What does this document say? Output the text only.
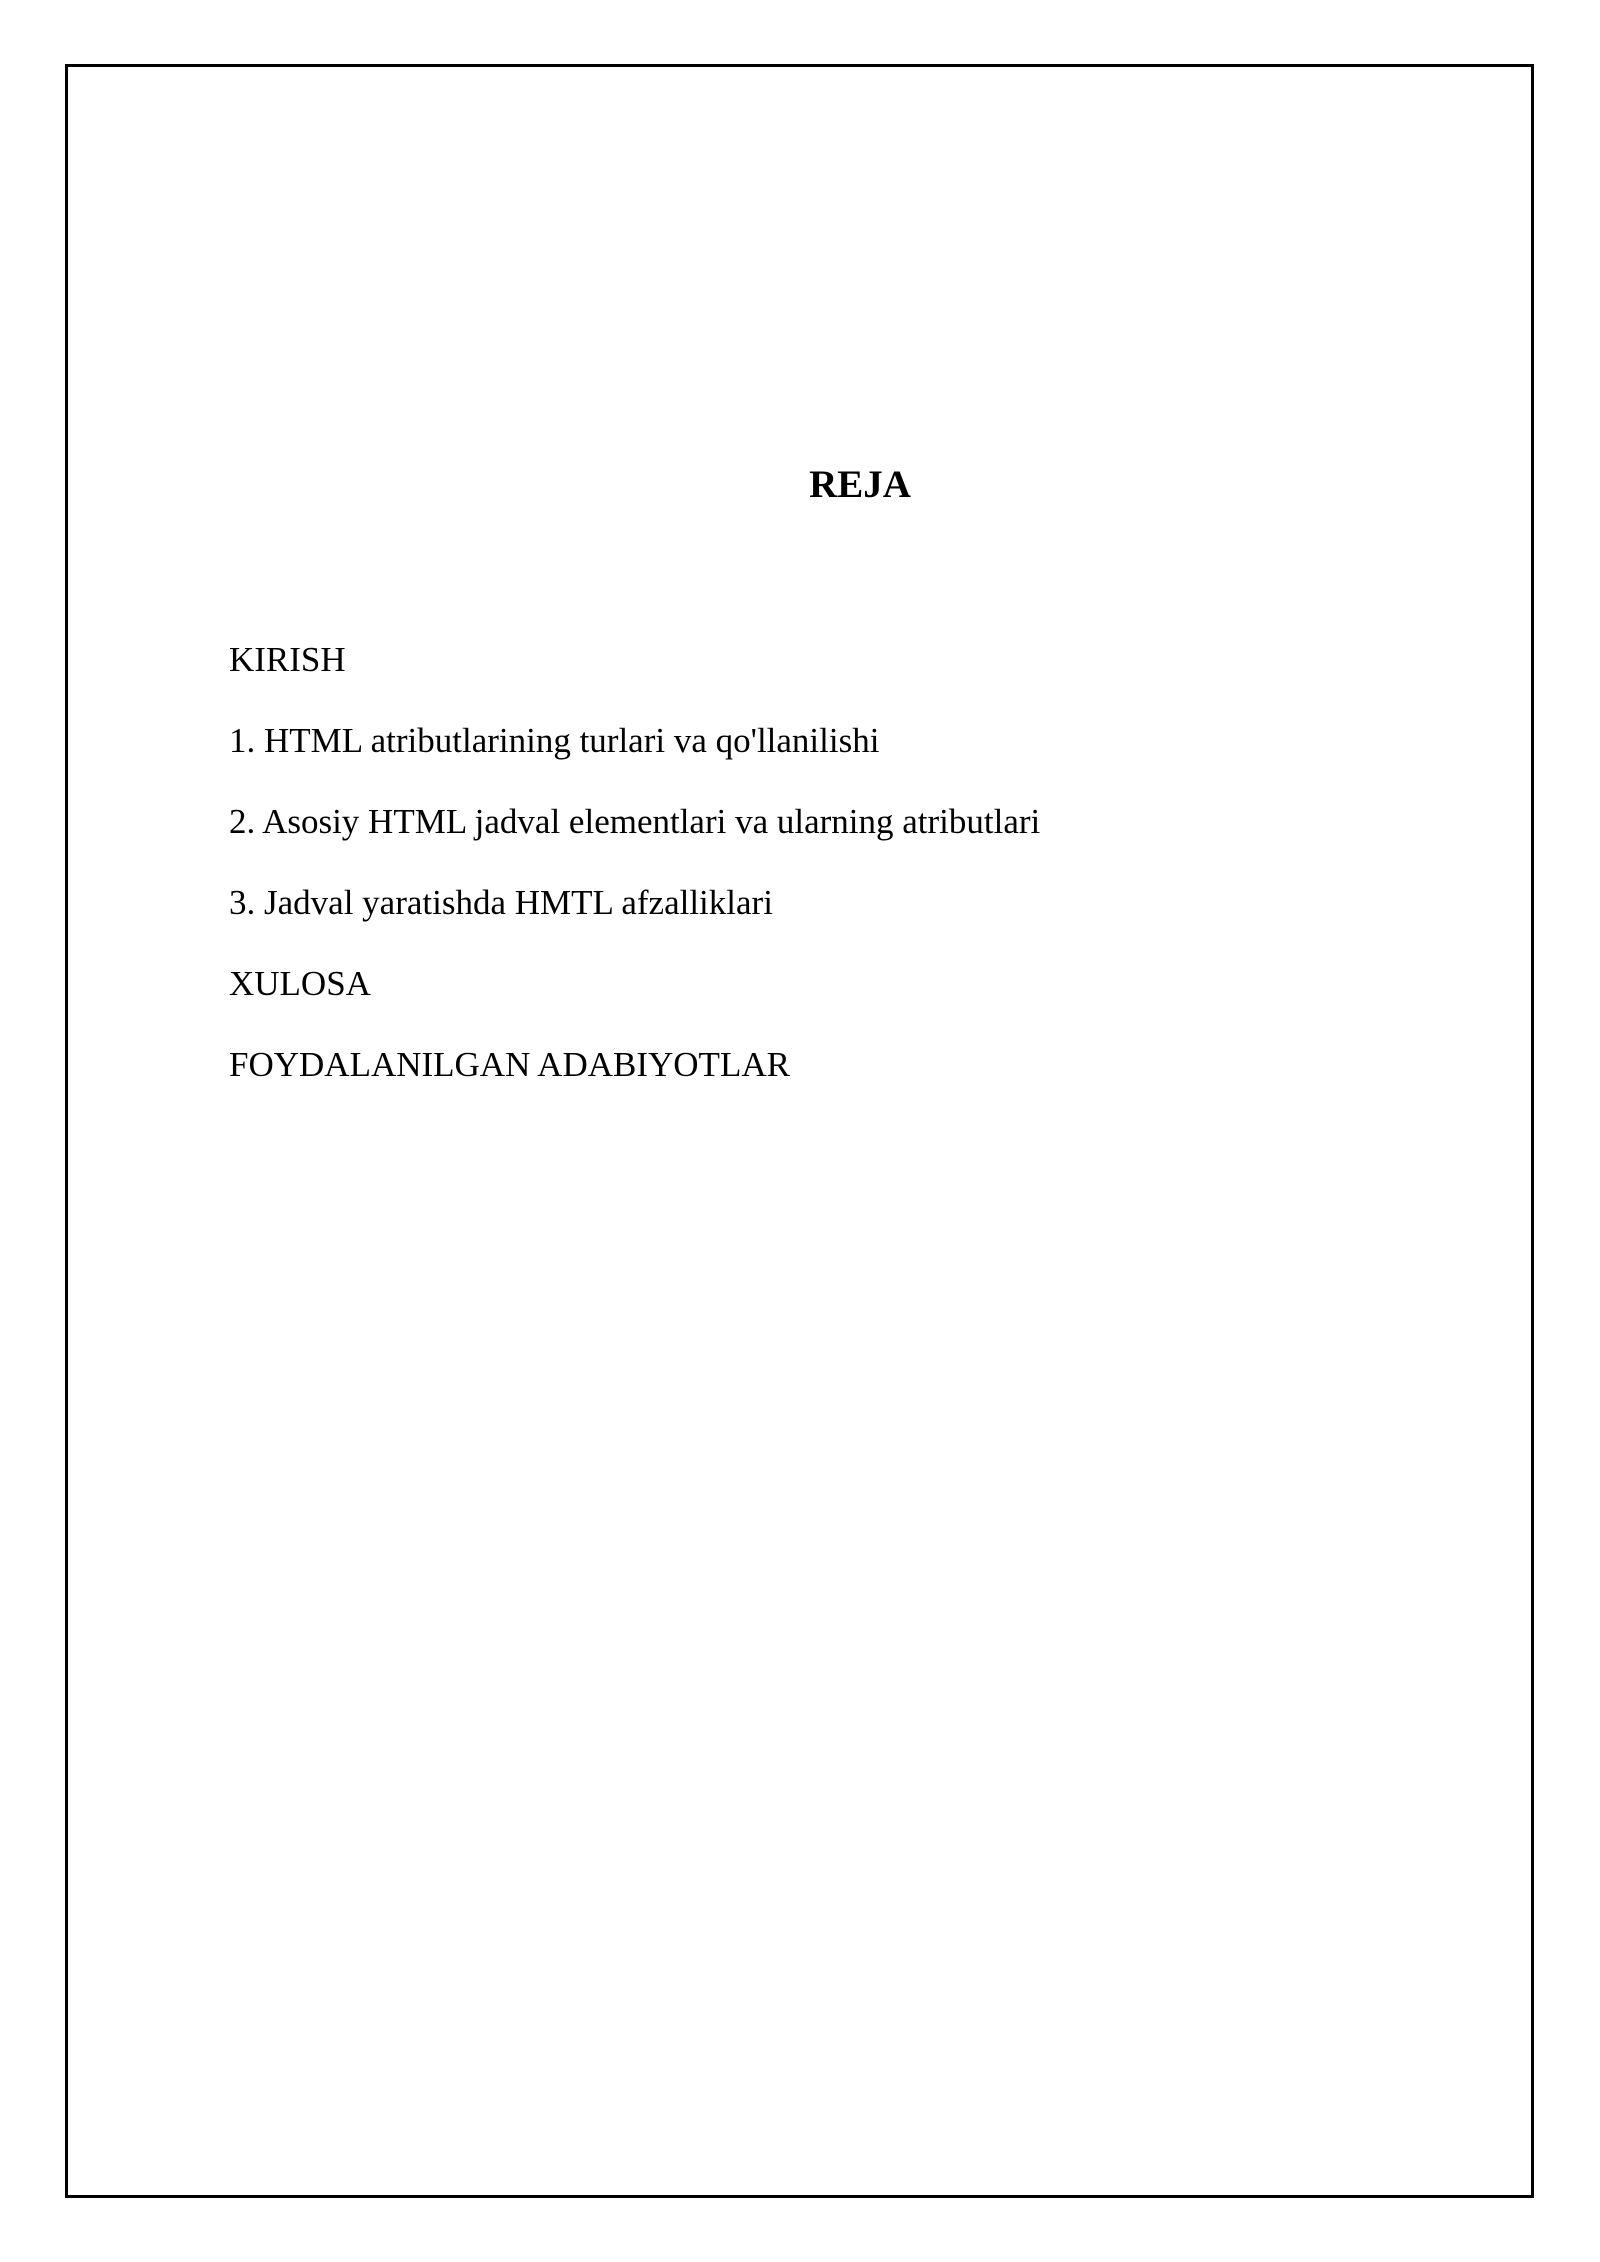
REJA
KIRISH
1. HTML atributlarining turlari va qo'llanilishi
2. Asosiy HTML jadval elementlari va ularning atributlari
3. Jadval yaratishda HMTL afzalliklari
XULOSA
FOYDALANILGAN ADABIYOTLAR
